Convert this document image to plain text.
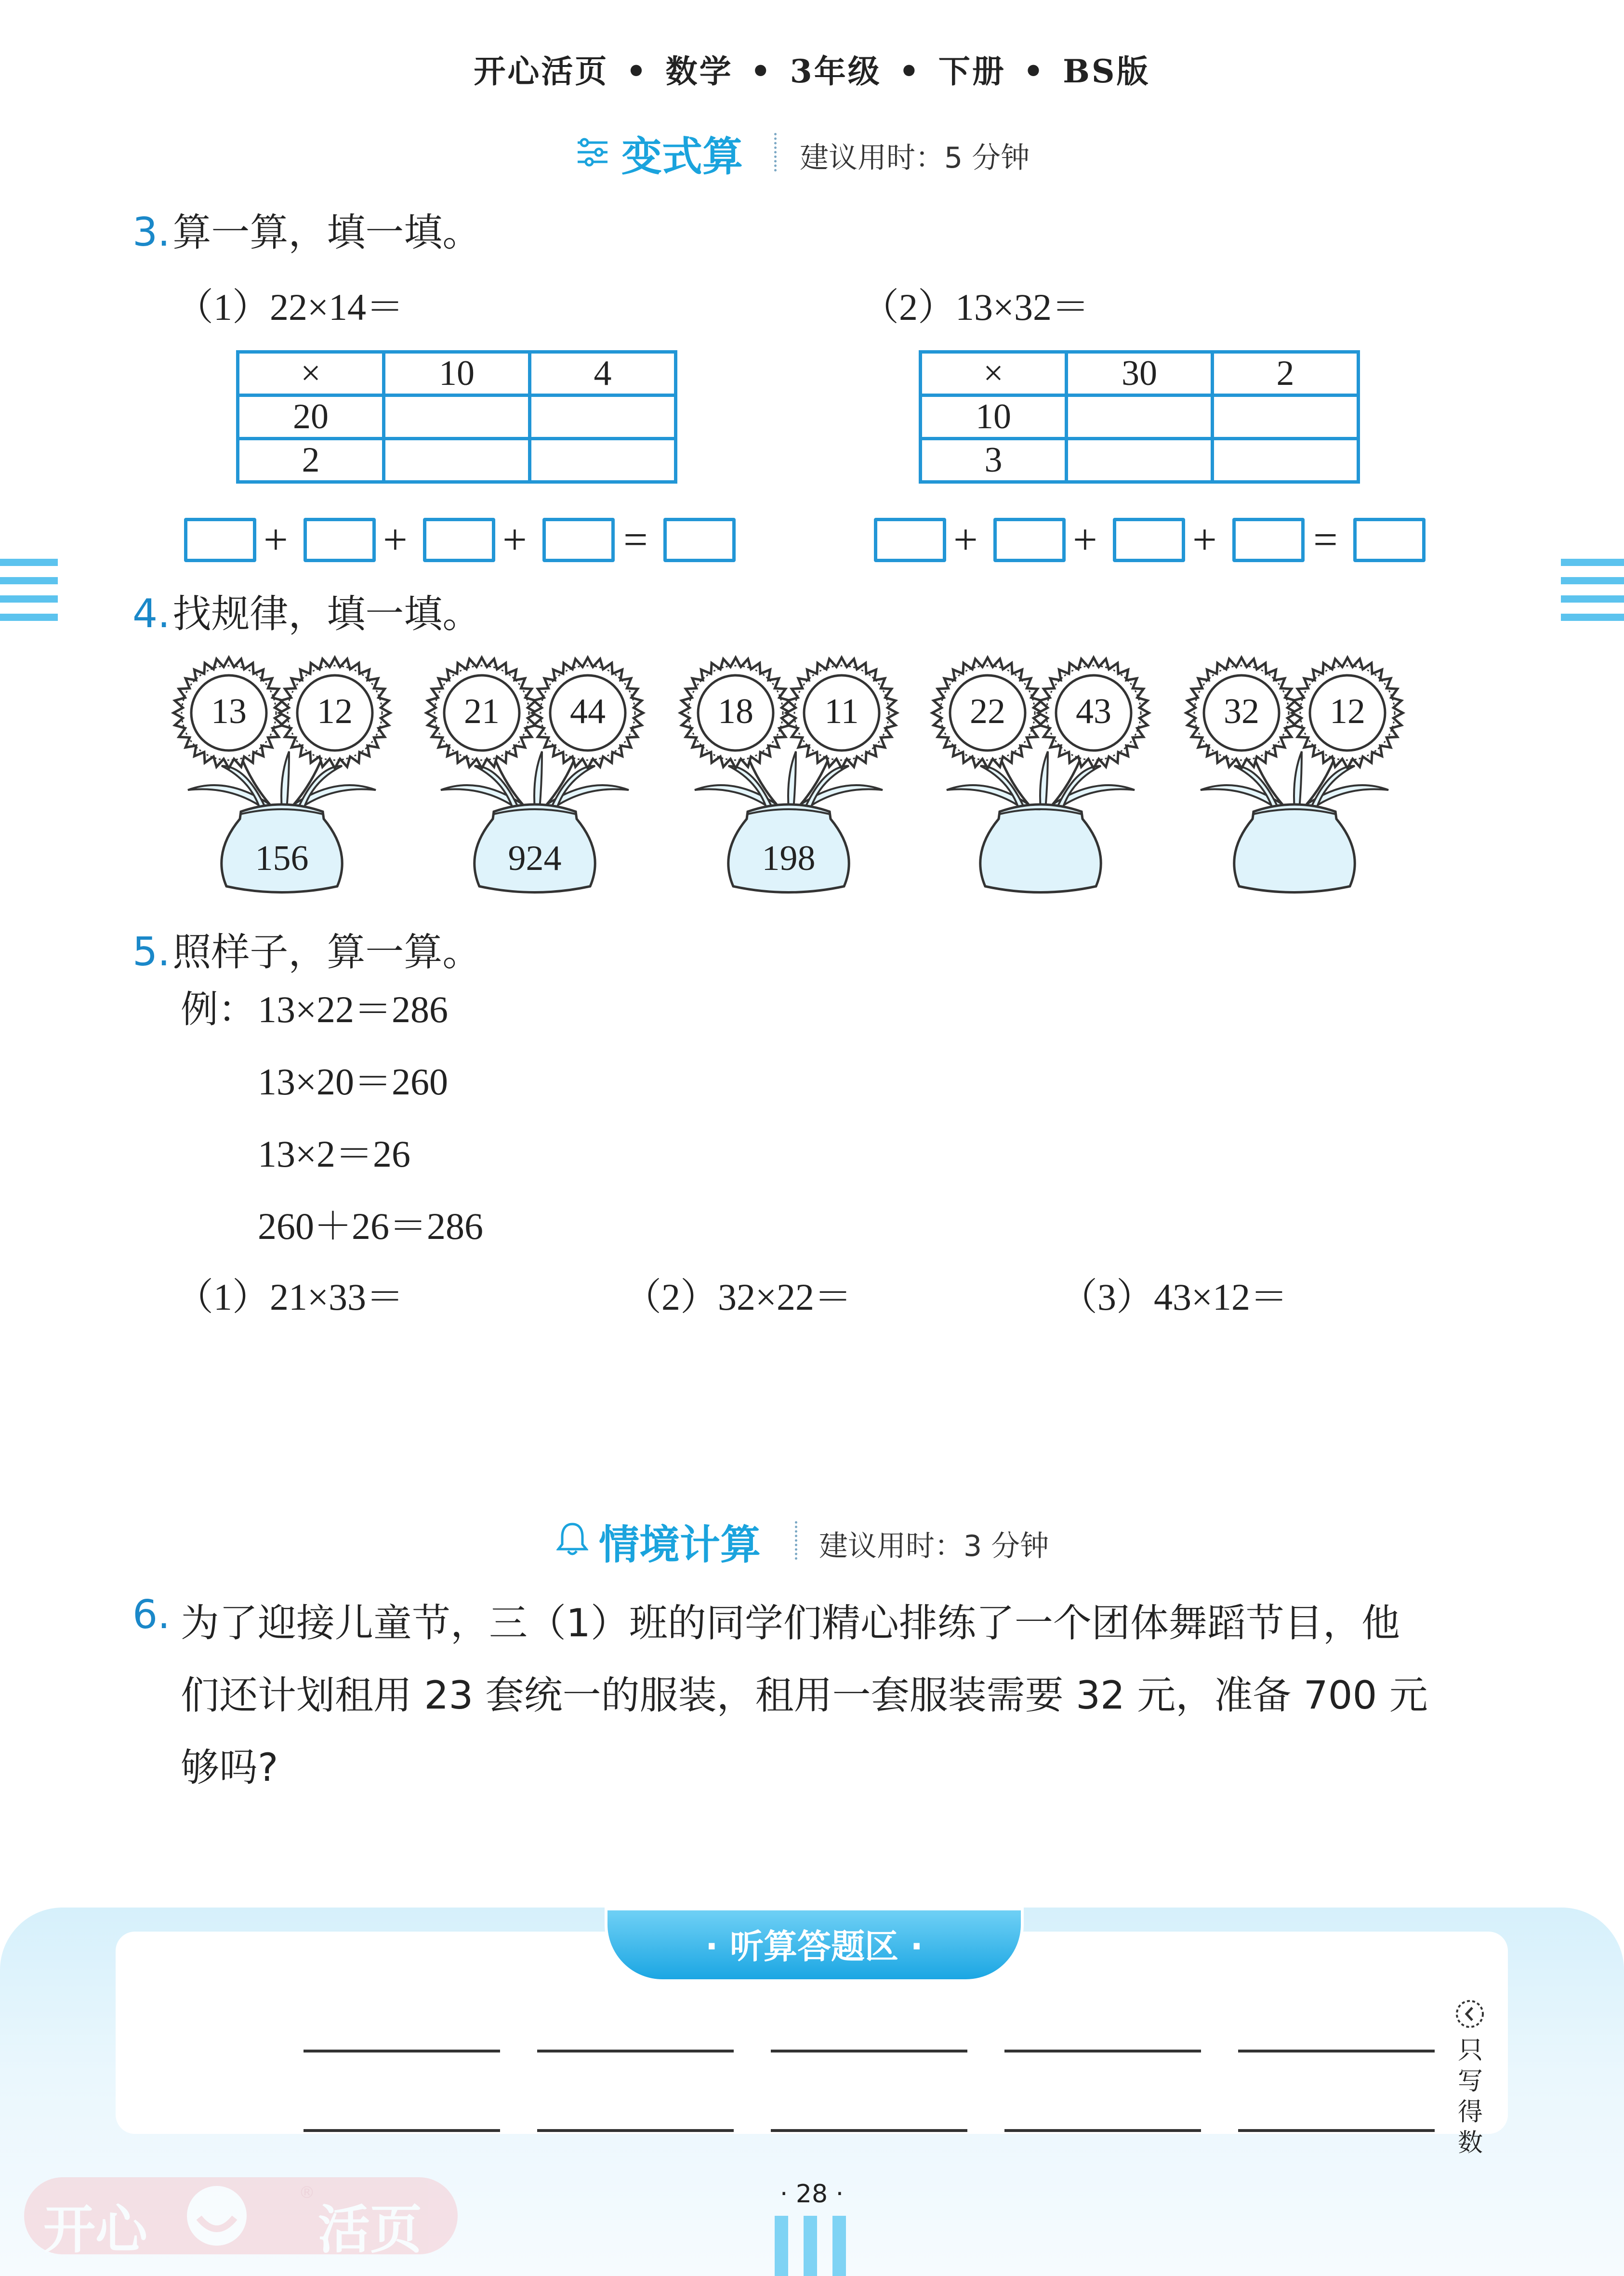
开心活页 • 数学 • 3年级 • 下册 • BS版
变式算 建议用时：5 分钟
3. 算一算，填一填。
（1）22×14＝	（2）13×32＝
×	10	4
20		
2		
×	30	2
10		
3		
+ + + =	+ + + =
4. 找规律，填一填。
13	12
156
21	44
924
18	11
198
22	43	32	12
5. 照样子，算一算。
例： 13×22＝286
13×20＝260
13×2＝26
260＋26＝286
（1）21×33＝	（2）32×22＝	（3）43×12＝
情境计算 建议用时：3 分钟
6. 为了迎接儿童节，三（1）班的同学们精心排练了一个团体舞蹈节目，他
们还计划租用 23 套统一的服装，租用一套服装需要 32 元，准备 700 元
够吗?
· 听算答题区 ·
只
写
得
数
· 28 ·
开心
®
活页
